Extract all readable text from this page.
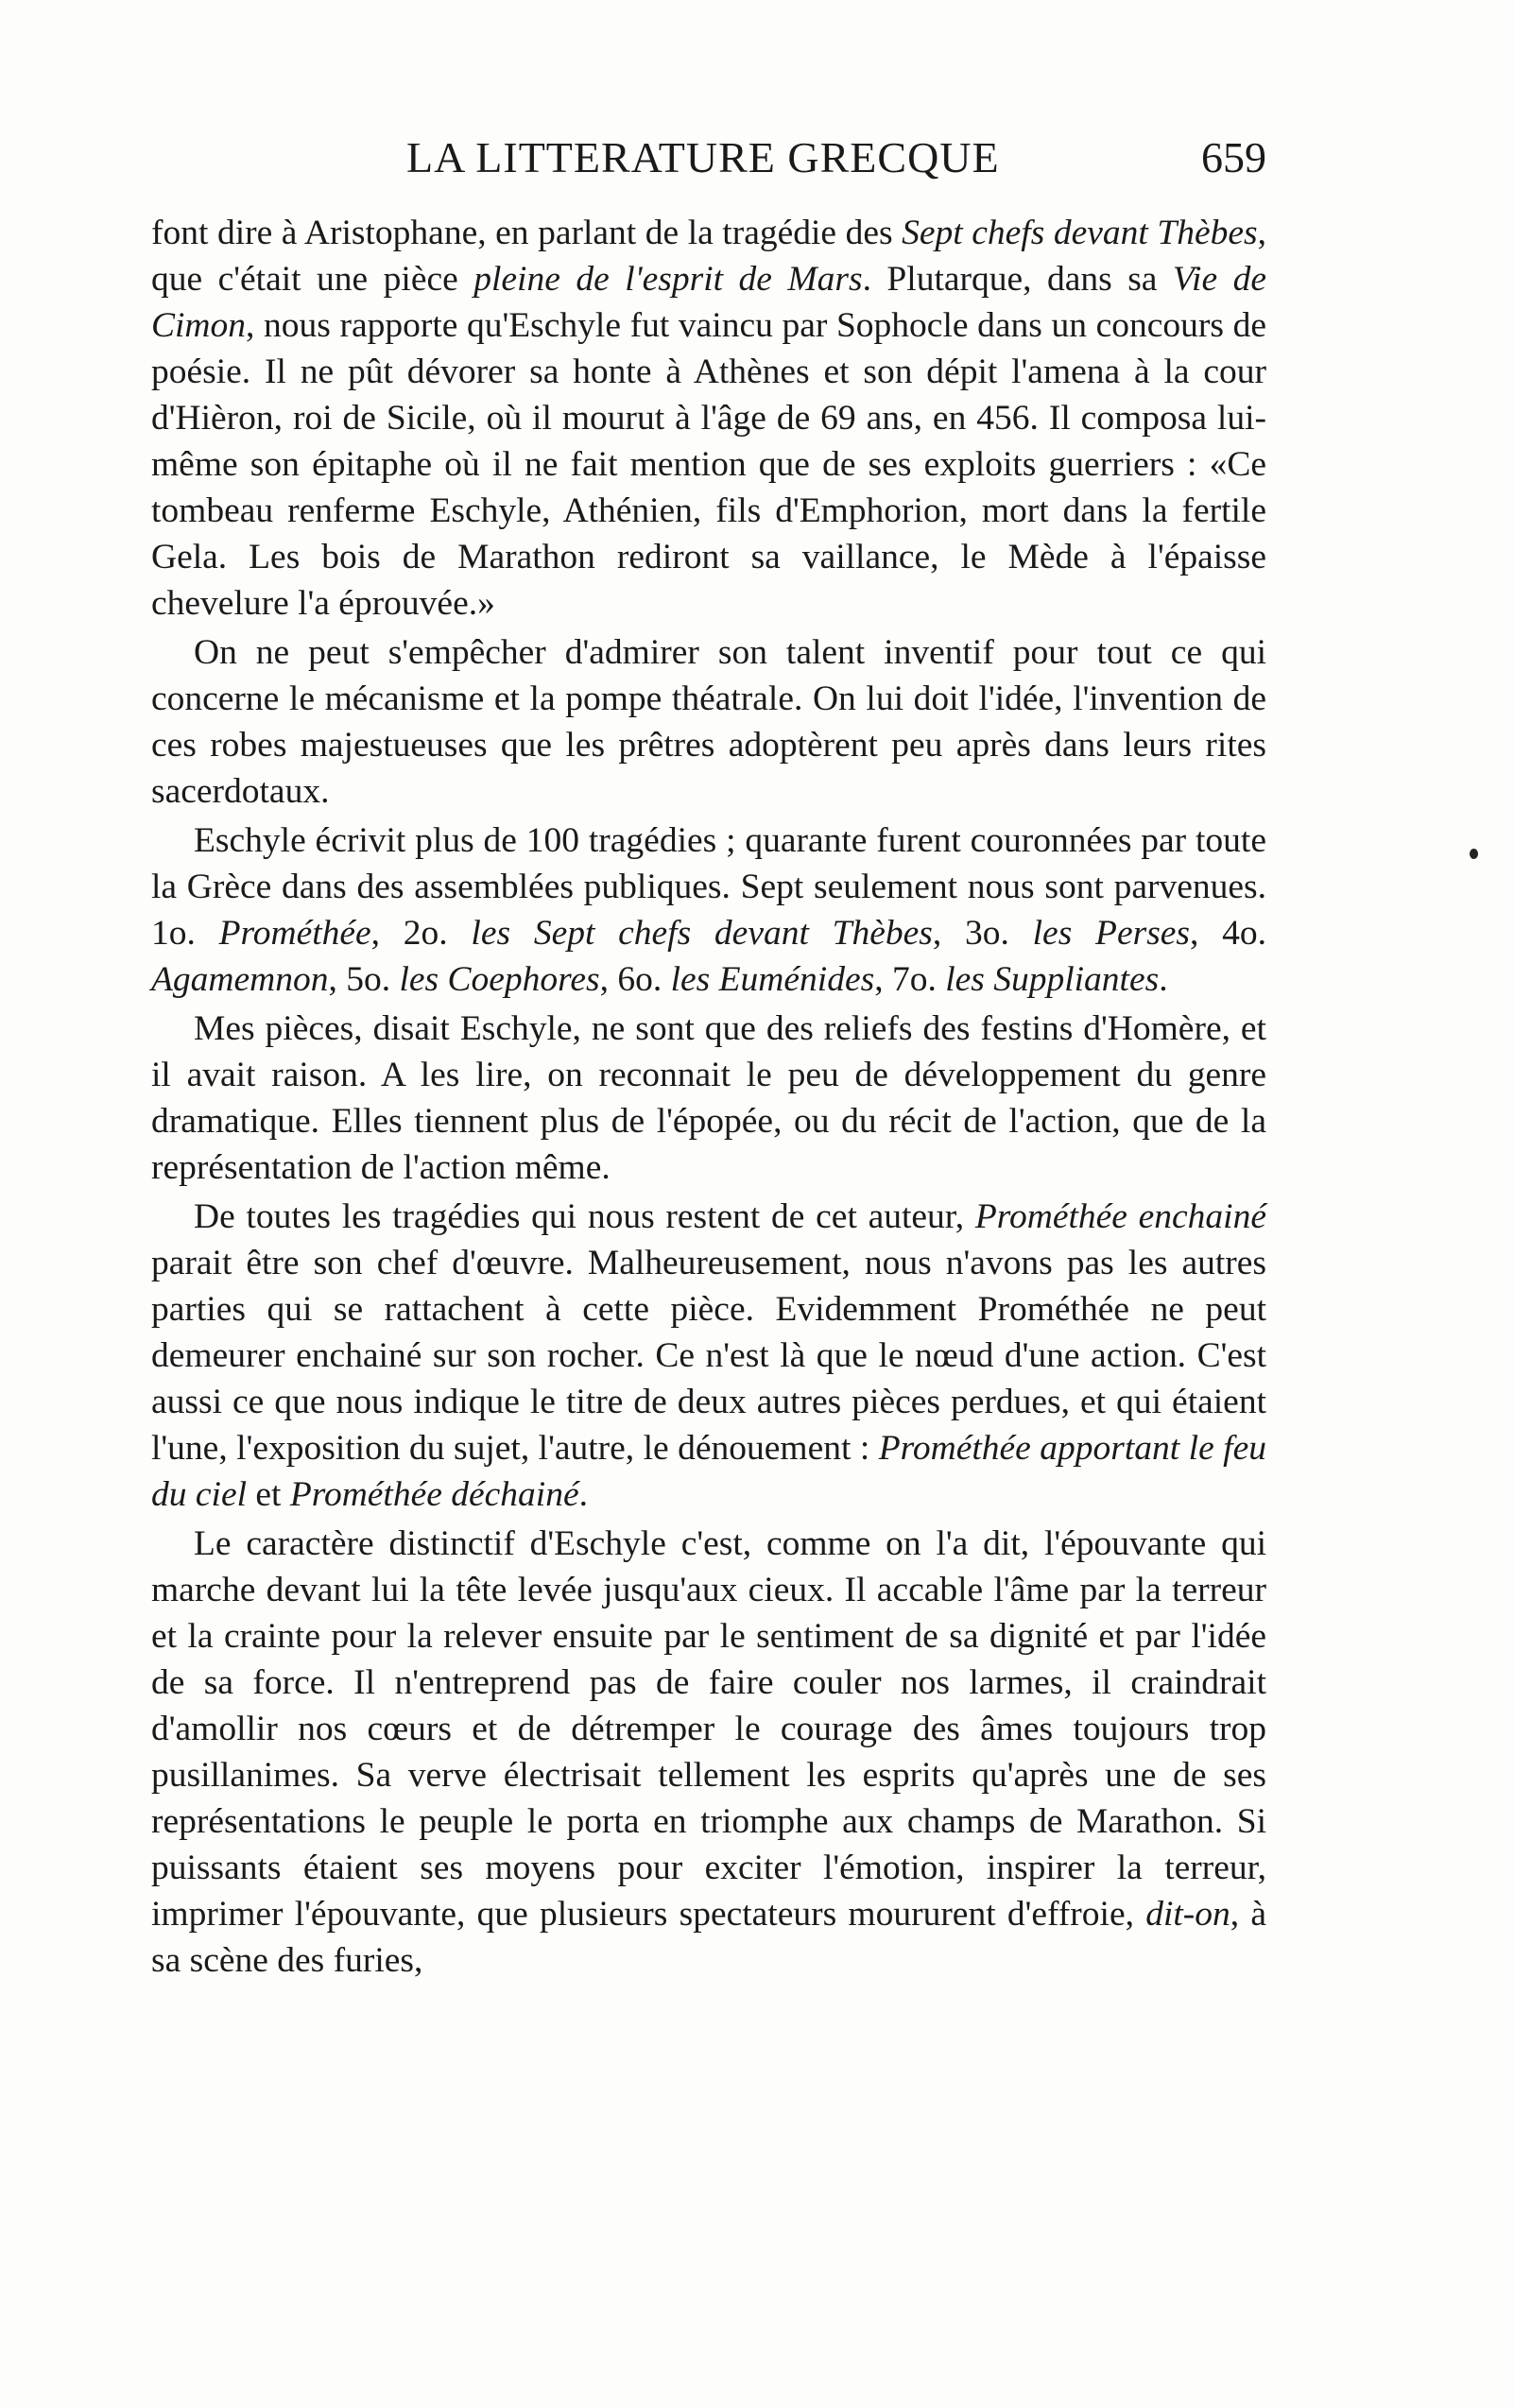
LA LITTERATURE GRECQUE	659

font dire à Aristophane, en parlant de la tragédie des Sept chefs devant Thèbes, que c'était une pièce pleine de l'esprit de Mars. Plutarque, dans sa Vie de Cimon, nous rapporte qu'Eschyle fut vaincu par Sophocle dans un concours de poésie. Il ne pût dévorer sa honte à Athènes et son dépit l'amena à la cour d'Hièron, roi de Sicile, où il mourut à l'âge de 69 ans, en 456. Il composa lui-même son épitaphe où il ne fait mention que de ses exploits guerriers : «Ce tombeau renferme Eschyle, Athénien, fils d'Emphorion, mort dans la fertile Gela. Les bois de Marathon rediront sa vaillance, le Mède à l'épaisse chevelure l'a éprouvée.»

On ne peut s'empêcher d'admirer son talent inventif pour tout ce qui concerne le mécanisme et la pompe théatrale. On lui doit l'idée, l'invention de ces robes majestueuses que les prêtres adoptèrent peu après dans leurs rites sacerdotaux.

Eschyle écrivit plus de 100 tragédies ; quarante furent couronnées par toute la Grèce dans des assemblées publiques. Sept seulement nous sont parvenues. 1o. Prométhée, 2o. les Sept chefs devant Thèbes, 3o. les Perses, 4o. Agamemnon, 5o. les Coephores, 6o. les Euménides, 7o. les Suppliantes.

Mes pièces, disait Eschyle, ne sont que des reliefs des festins d'Homère, et il avait raison. A les lire, on reconnait le peu de développement du genre dramatique. Elles tiennent plus de l'épopée, ou du récit de l'action, que de la représentation de l'action même.

De toutes les tragédies qui nous restent de cet auteur, Prométhée enchainé parait être son chef d'œuvre. Malheureusement, nous n'avons pas les autres parties qui se rattachent à cette pièce. Evidemment Prométhée ne peut demeurer enchainé sur son rocher. Ce n'est là que le nœud d'une action. C'est aussi ce que nous indique le titre de deux autres pièces perdues, et qui étaient l'une, l'exposition du sujet, l'autre, le dénouement : Prométhée apportant le feu du ciel et Prométhée déchainé.

Le caractère distinctif d'Eschyle c'est, comme on l'a dit, l'épouvante qui marche devant lui la tête levée jusqu'aux cieux. Il accable l'âme par la terreur et la crainte pour la relever ensuite par le sentiment de sa dignité et par l'idée de sa force. Il n'entreprend pas de faire couler nos larmes, il craindrait d'amollir nos cœurs et de détremper le courage des âmes toujours trop pusillanimes. Sa verve électrisait tellement les esprits qu'après une de ses représentations le peuple le porta en triomphe aux champs de Marathon. Si puissants étaient ses moyens pour exciter l'émotion, inspirer la terreur, imprimer l'épouvante, que plusieurs spectateurs moururent d'effroie, dit-on, à sa scène des furies,
